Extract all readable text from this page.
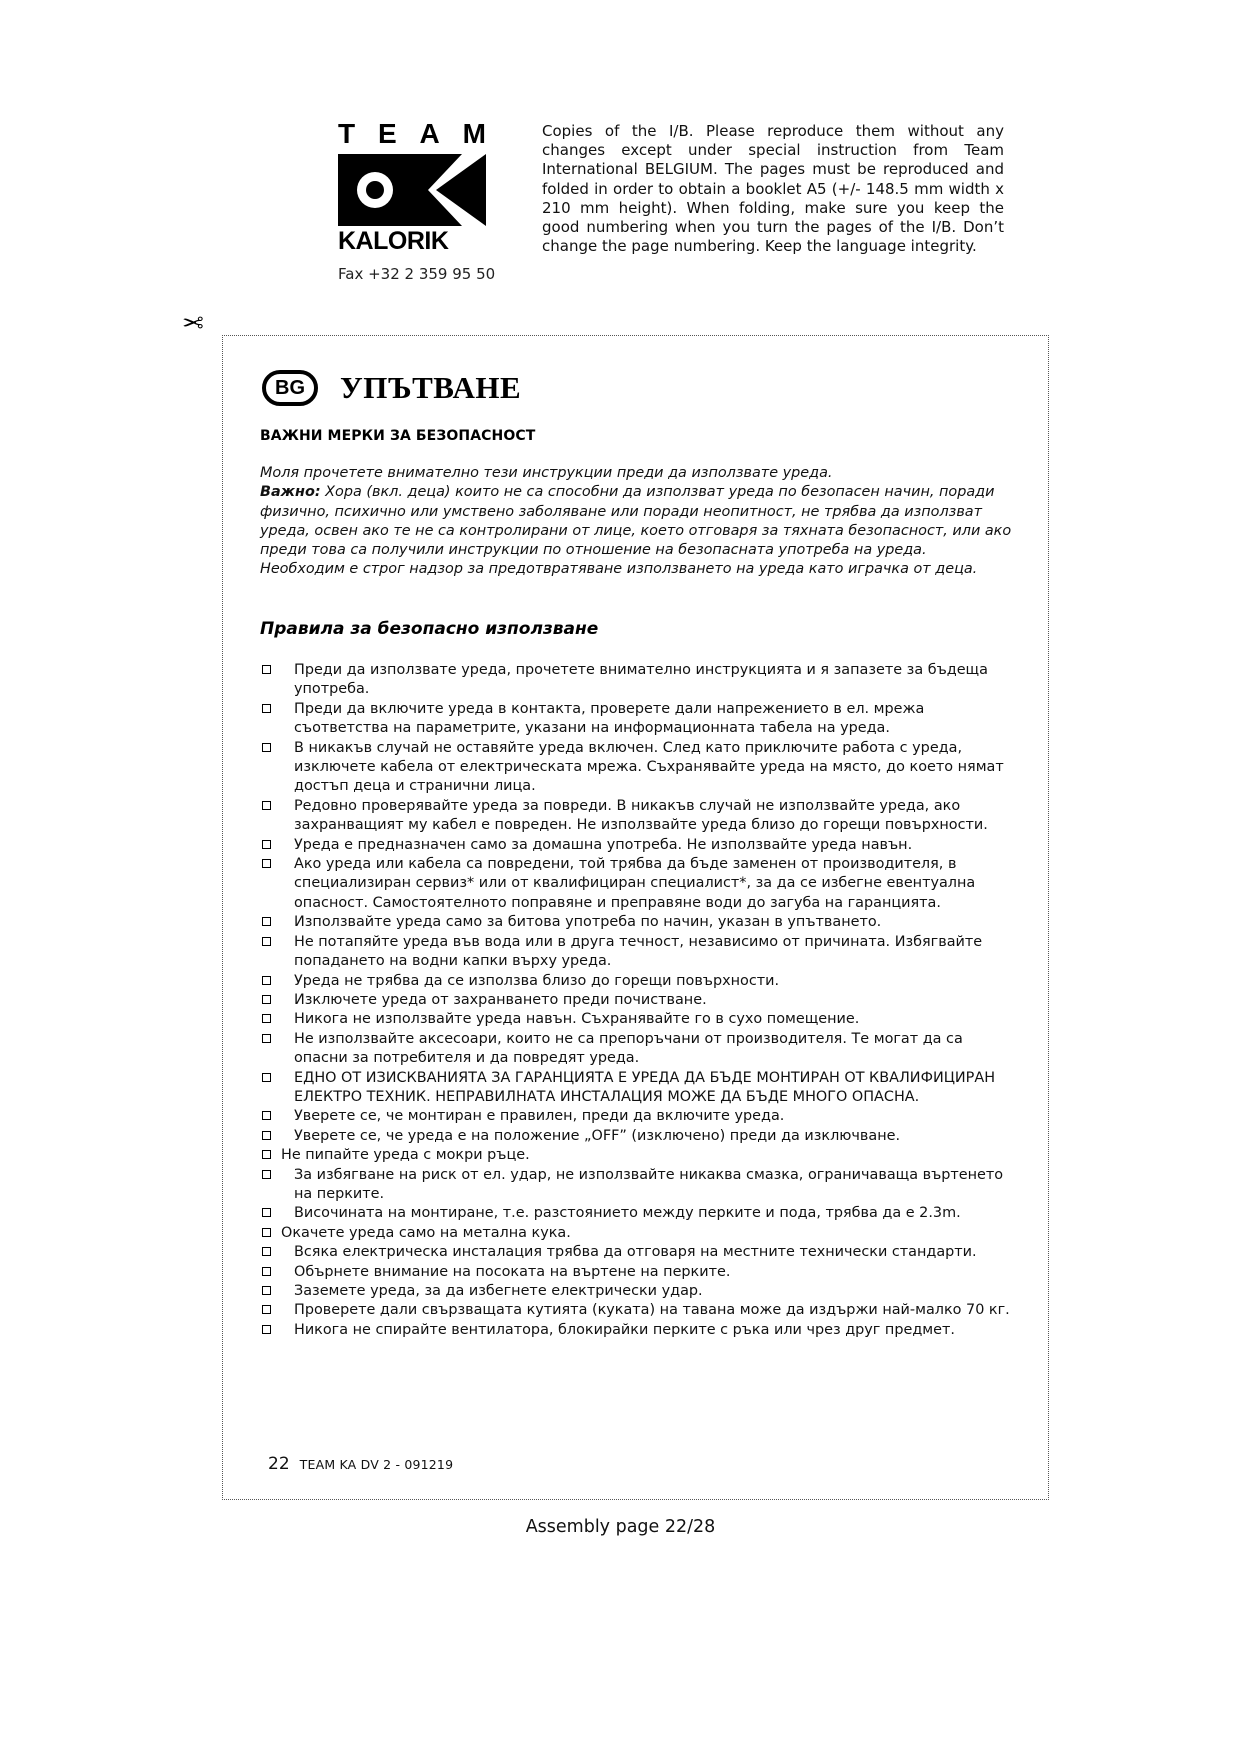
T E A M
KALORIK
Fax +32 2 359 95 50
Copies of the I/B. Please reproduce them without any changes except under special instruction from Team International BELGIUM. The pages must be reproduced and folded in order to obtain a booklet A5 (+/- 148.5 mm width x 210 mm height). When folding, make sure you keep the good numbering when you turn the pages of the I/B. Don’t change the page numbering. Keep the language integrity.
✂
BG	УПЪТВАНЕ
ВАЖНИ МЕРКИ ЗА БЕЗОПАСНОСТ

Моля прочетете внимателно тези инструкции преди да използвате уреда.

Важно: Хора (вкл. деца) които не са способни да използват уреда по безопасен начин, поради физично, психично или умствено заболяване или поради неопитност, не трябва да използват уреда, освен ако те не са контролирани от лице, което отговаря за тяхната безопасност, или ако преди това са получили инструкции по отношение на безопасната употреба на уреда.

Необходим е строг надзор за предотвратяване използването на уреда като играчка от деца.

Правила за безопасно използване
Преди да използвате уреда, прочетете внимателно инструкцията и я запазете за бъдеща употреба.
Преди да включите уреда в контакта, проверете дали напрежението в ел. мрежа съответства на параметрите, указани на информационната табела на уреда.
В никакъв случай не оставяйте уреда включен. След като приключите работа с уреда, изключете кабела от електрическата мрежа. Съхранявайте уреда на място, до което нямат достъп деца и странични лица.
Редовно проверявайте уреда за повреди. В никакъв случай не използвайте уреда, ако захранващият му кабел е повреден. Не използвайте уреда близо до горещи повърхности.
Уреда е предназначен само за домашна употреба. Не използвайте уреда навън.
Ако уреда или кабела са повредени, той трябва да бъде заменен от производителя, в специализиран сервиз* или от квалифициран специалист*, за да се избегне евентуална опасност. Самостоятелното поправяне и преправяне води до загуба на гаранцията.
Използвайте уреда само за битова употреба по начин, указан в упътването.
Не потапяйте уреда във вода или в друга течност, независимо от причината. Избягвайте попадането на водни капки върху уреда.
Уреда не трябва да се използва близо до горещи повърхности.
Изключете уреда от захранването преди почистване.
Никога не използвайте уреда навън. Съхранявайте го в сухо помещение.
Не използвайте аксесоари, които не са препоръчани от производителя. Те могат да са опасни за потребителя и да повредят уреда.
ЕДНО ОТ ИЗИСКВАНИЯТА ЗА ГАРАНЦИЯТА Е УРЕДА ДА БЪДЕ МОНТИРАН ОТ КВАЛИФИЦИРАН ЕЛЕКТРО ТЕХНИК. НЕПРАВИЛНАТА ИНСТАЛАЦИЯ МОЖЕ ДА БЪДЕ МНОГО ОПАСНА.
Уверете се, че монтиран е правилен, преди да включите уреда.
Уверете се, че уреда е на положение „OFF” (изключено) преди да изключване.
Не пипайте уреда с мокри ръце.
За избягване на риск от ел. удар, не използвайте никаква смазка, ограничаваща въртенето на перките.
Височината на монтиране, т.е. разстоянието между перките и пода, трябва да е 2.3m.
Окачете уреда само на метална кука.
Всяка електрическа инсталация трябва да отговаря на местните технически стандарти.
Обърнете внимание на посоката на въртене на перките.
Заземете уреда, за да избегнете електрически удар.
Проверете дали свързващата кутията (куката) на тавана може да издържи най-малко 70 кг.
Никога не спирайте вентилатора, блокирайки перките с ръка или чрез друг предмет.
22 TEAM KA DV 2 - 091219
Assembly page 22/28
